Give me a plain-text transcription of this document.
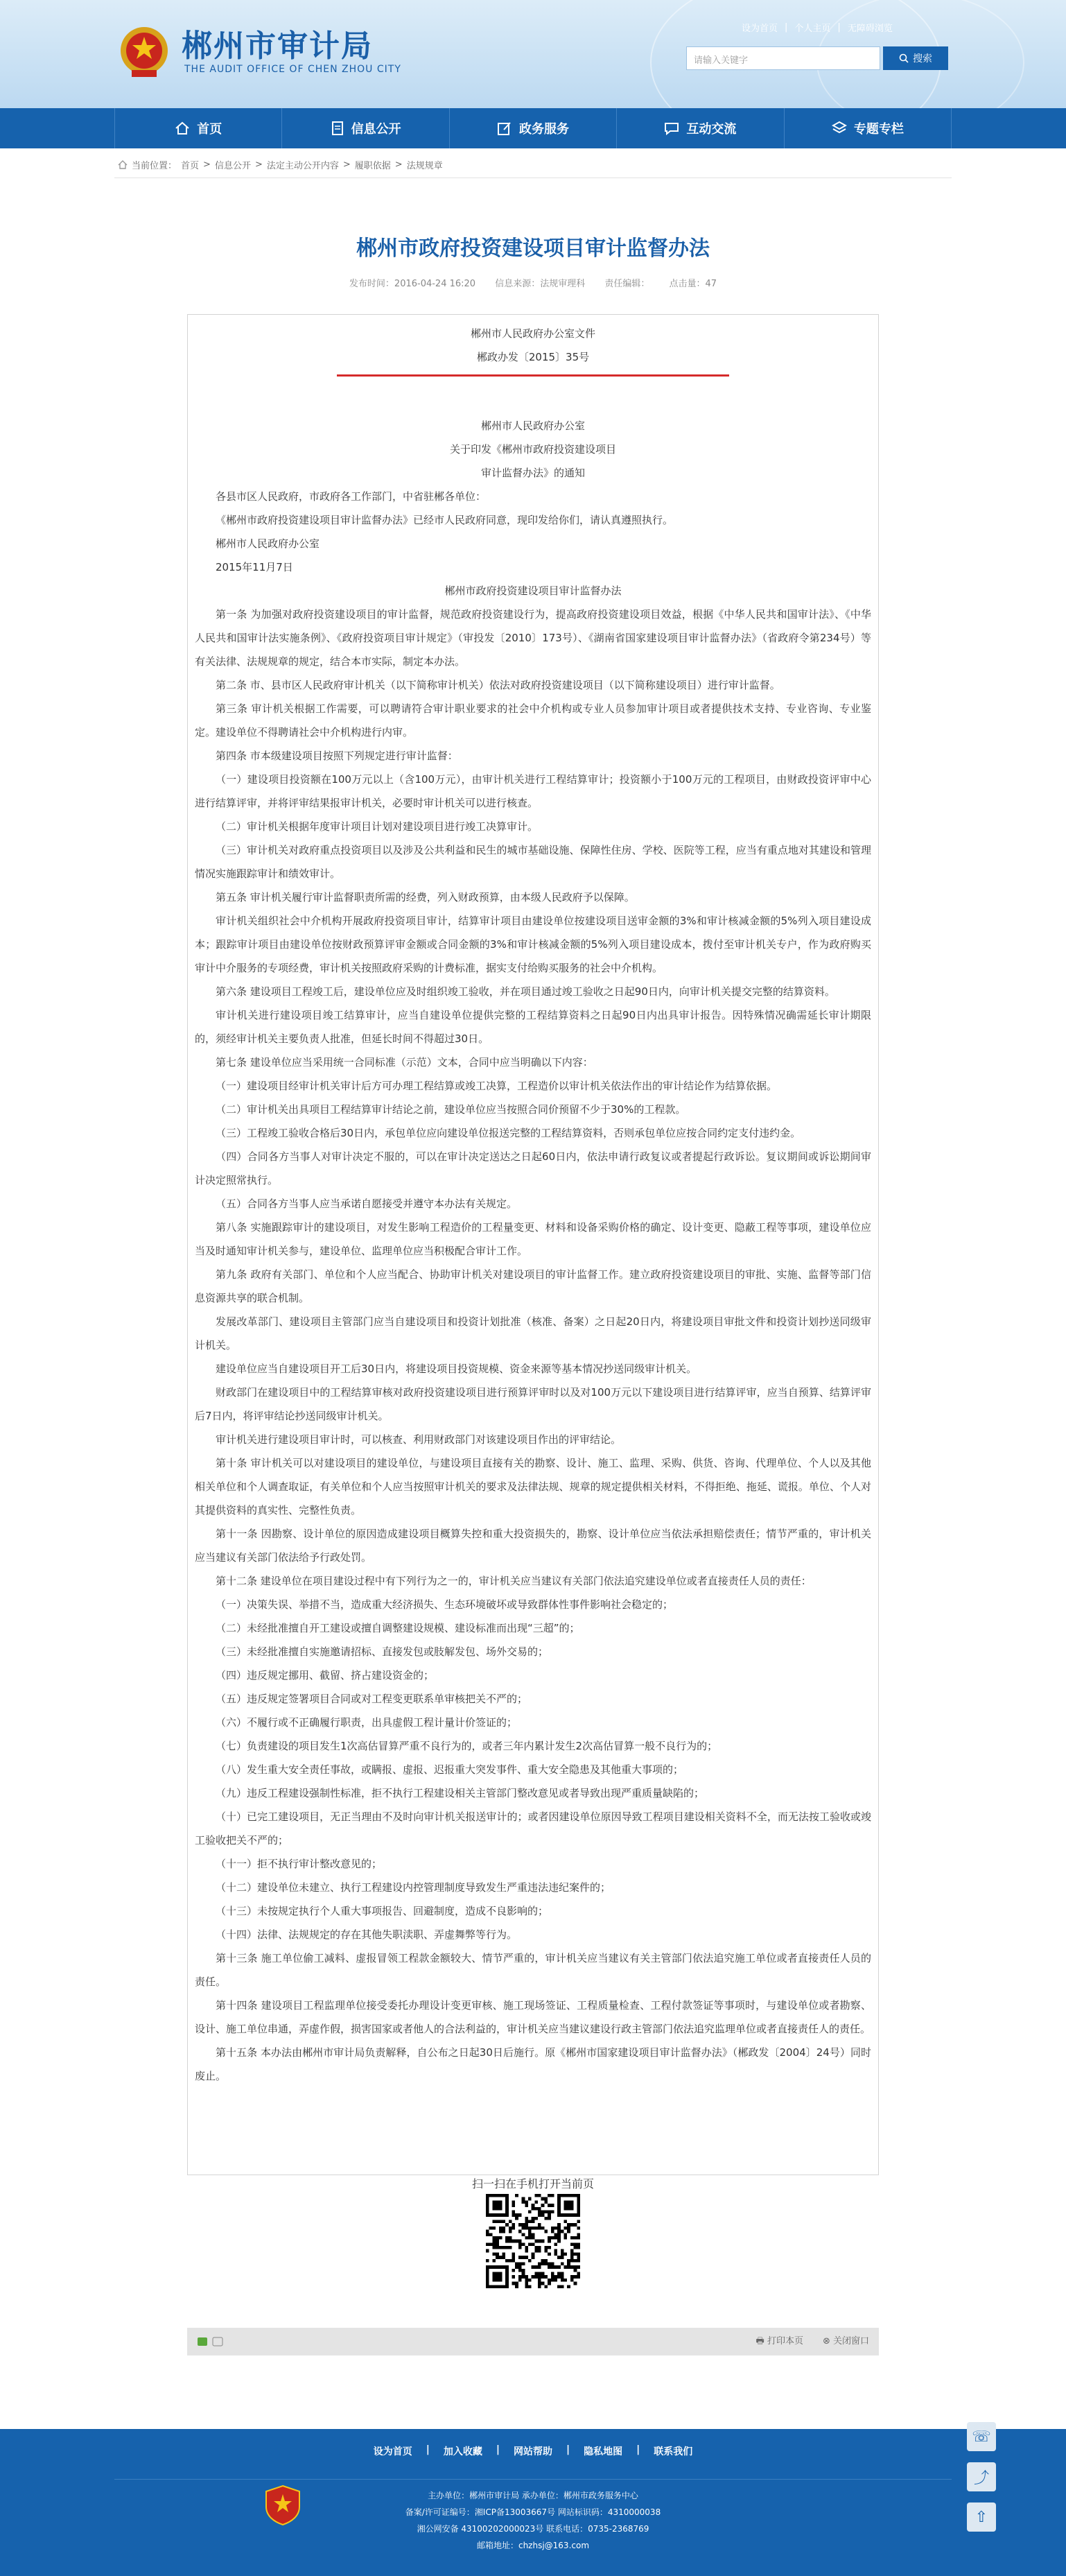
郴州市审计局
THE AUDIT OFFICE OF CHEN ZHOU CITY
设为首页 | 个人主页 | 无障碍浏览
请输入关键字	搜索
首页	信息公开	政务服务	互动交流	专题专栏
当前位置： 首页 > 信息公开 > 法定主动公开内容 > 履职依据 > 法规规章
郴州市政府投资建设项目审计监督办法
发布时间：2016-04-24 16:20 信息来源：法规审理科 责任编辑： 点击量：47
郴州市人民政府办公室文件
郴政办发〔2015〕35号
郴州市人民政府办公室
关于印发《郴州市政府投资建设项目
审计监督办法》的通知
各县市区人民政府，市政府各工作部门，中省驻郴各单位：
《郴州市政府投资建设项目审计监督办法》已经市人民政府同意，现印发给你们，请认真遵照执行。
郴州市人民政府办公室
2015年11月7日
郴州市政府投资建设项目审计监督办法
第一条 为加强对政府投资建设项目的审计监督，规范政府投资建设行为，提高政府投资建设项目效益，根据《中华人民共和国审计法》、《中华人民共和国审计法实施条例》、《政府投资项目审计规定》（审投发〔2010〕173号）、《湖南省国家建设项目审计监督办法》（省政府令第234号）等有关法律、法规规章的规定，结合本市实际，制定本办法。
第二条 市、县市区人民政府审计机关（以下简称审计机关）依法对政府投资建设项目（以下简称建设项目）进行审计监督。
第三条 审计机关根据工作需要，可以聘请符合审计职业要求的社会中介机构或专业人员参加审计项目或者提供技术支持、专业咨询、专业鉴定。建设单位不得聘请社会中介机构进行内审。
第四条 市本级建设项目按照下列规定进行审计监督：
（一）建设项目投资额在100万元以上（含100万元），由审计机关进行工程结算审计；投资额小于100万元的工程项目，由财政投资评审中心进行结算评审，并将评审结果报审计机关，必要时审计机关可以进行核查。
（二）审计机关根据年度审计项目计划对建设项目进行竣工决算审计。
（三）审计机关对政府重点投资项目以及涉及公共利益和民生的城市基础设施、保障性住房、学校、医院等工程，应当有重点地对其建设和管理情况实施跟踪审计和绩效审计。
第五条 审计机关履行审计监督职责所需的经费，列入财政预算，由本级人民政府予以保障。
审计机关组织社会中介机构开展政府投资项目审计，结算审计项目由建设单位按建设项目送审金额的3%和审计核减金额的5%列入项目建设成本；跟踪审计项目由建设单位按财政预算评审金额或合同金额的3%和审计核减金额的5%列入项目建设成本，拨付至审计机关专户，作为政府购买审计中介服务的专项经费，审计机关按照政府采购的计费标准，据实支付给购买服务的社会中介机构。
第六条 建设项目工程竣工后，建设单位应及时组织竣工验收，并在项目通过竣工验收之日起90日内，向审计机关提交完整的结算资料。
审计机关进行建设项目竣工结算审计，应当自建设单位提供完整的工程结算资料之日起90日内出具审计报告。因特殊情况确需延长审计期限的，须经审计机关主要负责人批准，但延长时间不得超过30日。
第七条 建设单位应当采用统一合同标准（示范）文本，合同中应当明确以下内容：
（一）建设项目经审计机关审计后方可办理工程结算或竣工决算，工程造价以审计机关依法作出的审计结论作为结算依据。
（二）审计机关出具项目工程结算审计结论之前，建设单位应当按照合同价预留不少于30%的工程款。
（三）工程竣工验收合格后30日内，承包单位应向建设单位报送完整的工程结算资料，否则承包单位应按合同约定支付违约金。
（四）合同各方当事人对审计决定不服的，可以在审计决定送达之日起60日内，依法申请行政复议或者提起行政诉讼。复议期间或诉讼期间审计决定照常执行。
（五）合同各方当事人应当承诺自愿接受并遵守本办法有关规定。
第八条 实施跟踪审计的建设项目，对发生影响工程造价的工程量变更、材料和设备采购价格的确定、设计变更、隐蔽工程等事项，建设单位应当及时通知审计机关参与，建设单位、监理单位应当积极配合审计工作。
第九条 政府有关部门、单位和个人应当配合、协助审计机关对建设项目的审计监督工作。建立政府投资建设项目的审批、实施、监督等部门信息资源共享的联合机制。
发展改革部门、建设项目主管部门应当自建设项目和投资计划批准（核准、备案）之日起20日内，将建设项目审批文件和投资计划抄送同级审计机关。
建设单位应当自建设项目开工后30日内，将建设项目投资规模、资金来源等基本情况抄送同级审计机关。
财政部门在建设项目中的工程结算审核对政府投资建设项目进行预算评审时以及对100万元以下建设项目进行结算评审，应当自预算、结算评审后7日内，将评审结论抄送同级审计机关。
审计机关进行建设项目审计时，可以核查、利用财政部门对该建设项目作出的评审结论。
第十条 审计机关可以对建设项目的建设单位，与建设项目直接有关的勘察、设计、施工、监理、采购、供货、咨询、代理单位、个人以及其他相关单位和个人调查取证，有关单位和个人应当按照审计机关的要求及法律法规、规章的规定提供相关材料，不得拒绝、拖延、谎报。单位、个人对其提供资料的真实性、完整性负责。
第十一条 因勘察、设计单位的原因造成建设项目概算失控和重大投资损失的，勘察、设计单位应当依法承担赔偿责任；情节严重的，审计机关应当建议有关部门依法给予行政处罚。
第十二条 建设单位在项目建设过程中有下列行为之一的，审计机关应当建议有关部门依法追究建设单位或者直接责任人员的责任：
（一）决策失误、举措不当，造成重大经济损失、生态环境破坏或导致群体性事件影响社会稳定的；
（二）未经批准擅自开工建设或擅自调整建设规模、建设标准而出现“三超”的；
（三）未经批准擅自实施邀请招标、直接发包或肢解发包、场外交易的；
（四）违反规定挪用、截留、挤占建设资金的；
（五）违反规定签署项目合同或对工程变更联系单审核把关不严的；
（六）不履行或不正确履行职责，出具虚假工程计量计价签证的；
（七）负责建设的项目发生1次高估冒算严重不良行为的，或者三年内累计发生2次高估冒算一般不良行为的；
（八）发生重大安全责任事故，或瞒报、虚报、迟报重大突发事件、重大安全隐患及其他重大事项的；
（九）违反工程建设强制性标准，拒不执行工程建设相关主管部门整改意见或者导致出现严重质量缺陷的；
（十）已完工建设项目，无正当理由不及时向审计机关报送审计的；或者因建设单位原因导致工程项目建设相关资料不全，而无法按工验收或竣工验收把关不严的；
（十一）拒不执行审计整改意见的；
（十二）建设单位未建立、执行工程建设内控管理制度导致发生严重违法违纪案件的；
（十三）未按规定执行个人重大事项报告、回避制度，造成不良影响的；
（十四）法律、法规规定的存在其他失职渎职、弄虚舞弊等行为。
第十三条 施工单位偷工减料、虚报冒领工程款金额较大、情节严重的，审计机关应当建议有关主管部门依法追究施工单位或者直接责任人员的责任。
第十四条 建设项目工程监理单位接受委托办理设计变更审核、施工现场签证、工程质量检查、工程付款签证等事项时，与建设单位或者勘察、设计、施工单位串通，弄虚作假，损害国家或者他人的合法利益的，审计机关应当建议建设行政主管部门依法追究监理单位或者直接责任人的责任。
第十五条 本办法由郴州市审计局负责解释，自公布之日起30日后施行。原《郴州市国家建设项目审计监督办法》（郴政发〔2004〕24号）同时废止。
扫一扫在手机打开当前页
🖶 打印本页 ⊗ 关闭窗口
设为首页 | 加入收藏 | 网站帮助 | 隐私地图 | 联系我们
主办单位：郴州市审计局 承办单位：郴州市政务服务中心
备案/许可证编号：湘ICP备13003667号 网站标识码：4310000038
湘公网安备 43100202000023号 联系电话：0735-2368769
邮箱地址：chzhsj@163.com
☏
⤴
⇧
